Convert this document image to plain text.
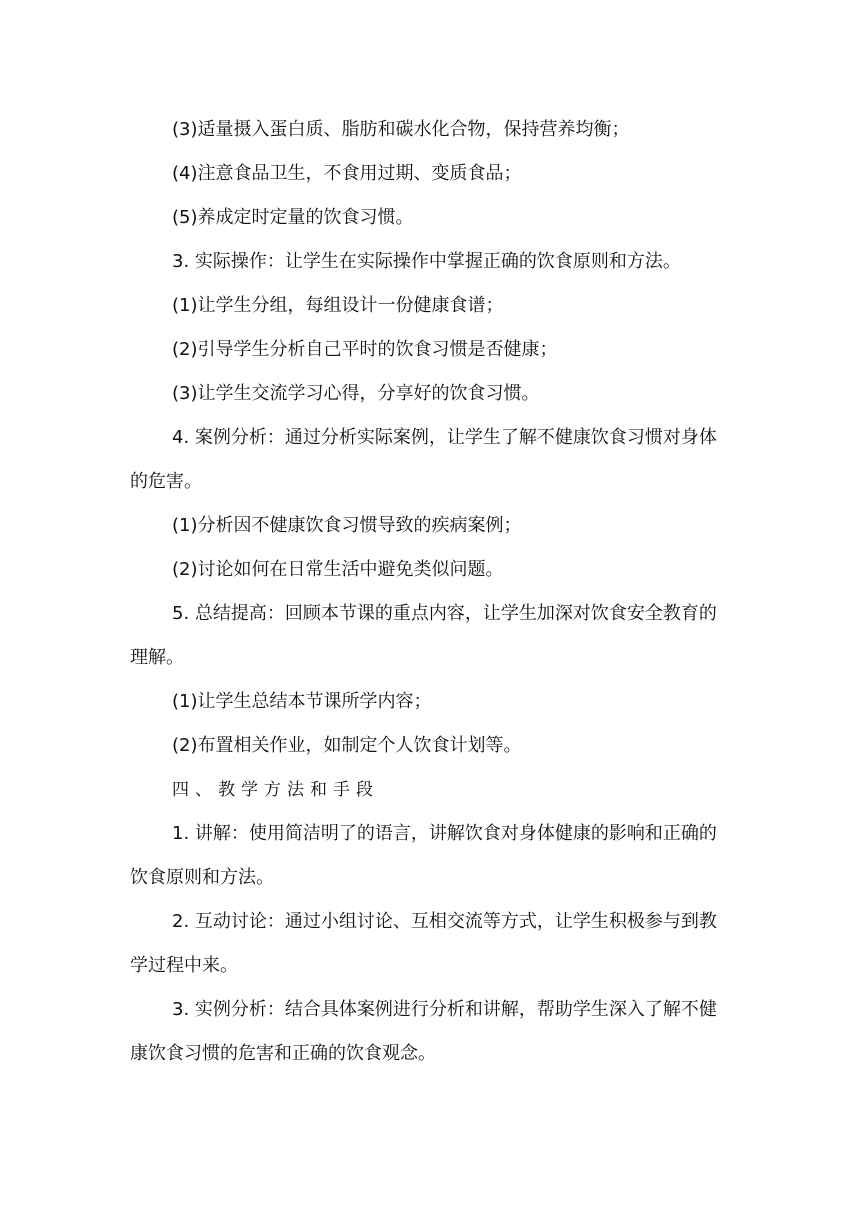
(3)适量摄入蛋白质、脂肪和碳水化合物，保持营养均衡；

(4)注意食品卫生，不食用过期、变质食品；

(5)养成定时定量的饮食习惯。

3. 实际操作：让学生在实际操作中掌握正确的饮食原则和方法。

(1)让学生分组，每组设计一份健康食谱；

(2)引导学生分析自己平时的饮食习惯是否健康；

(3)让学生交流学习心得，分享好的饮食习惯。

4. 案例分析：通过分析实际案例，让学生了解不健康饮食习惯对身体的危害。

(1)分析因不健康饮食习惯导致的疾病案例；

(2)讨论如何在日常生活中避免类似问题。

5. 总结提高：回顾本节课的重点内容，让学生加深对饮食安全教育的理解。

(1)让学生总结本节课所学内容；

(2)布置相关作业，如制定个人饮食计划等。

四、教学方法和手段

1. 讲解：使用简洁明了的语言，讲解饮食对身体健康的影响和正确的饮食原则和方法。

2. 互动讨论：通过小组讨论、互相交流等方式，让学生积极参与到教学过程中来。

3. 实例分析：结合具体案例进行分析和讲解，帮助学生深入了解不健康饮食习惯的危害和正确的饮食观念。
